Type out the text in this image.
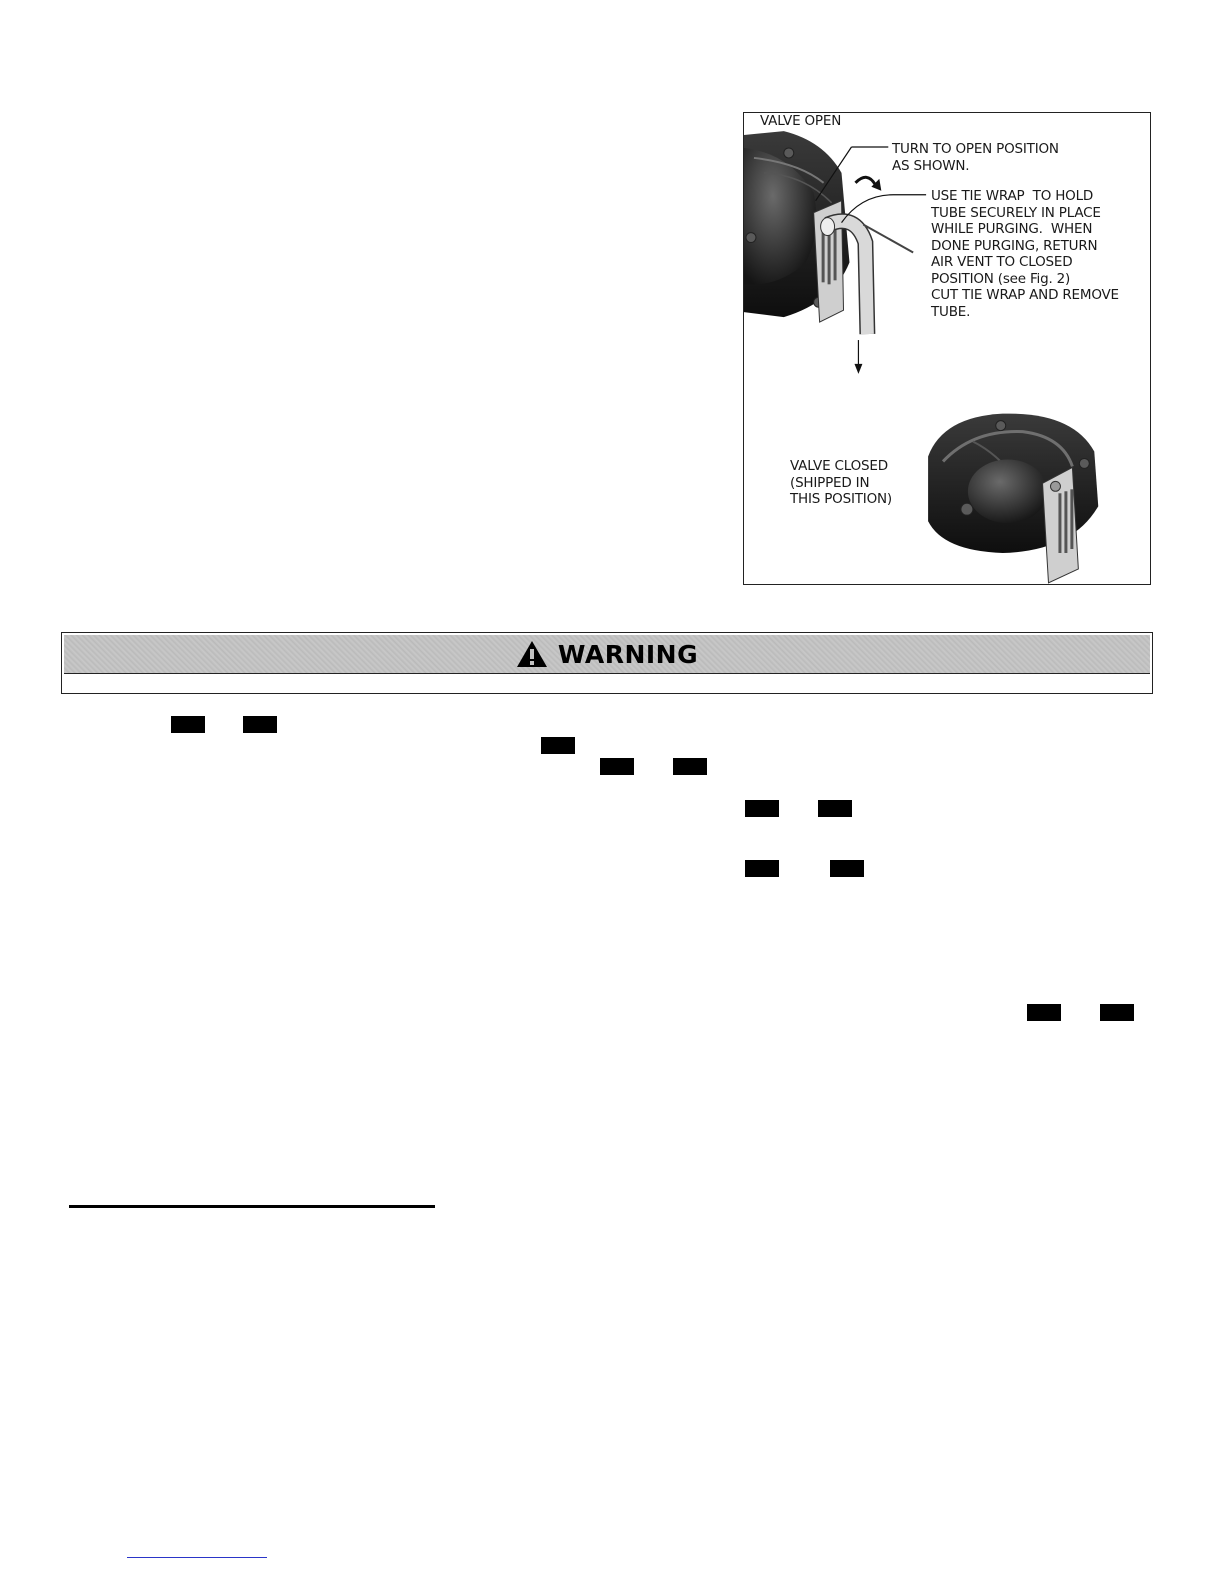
VALVE OPEN
TURN TO OPEN POSITION
AS SHOWN.
USE TIE WRAP  TO HOLD
TUBE SECURELY IN PLACE
WHILE PURGING.  WHEN
DONE PURGING, RETURN
AIR VENT TO CLOSED
POSITION (see Fig. 2)
CUT TIE WRAP AND REMOVE
TUBE.
VALVE CLOSED
(SHIPPED IN
THIS POSITION)
WARNING
